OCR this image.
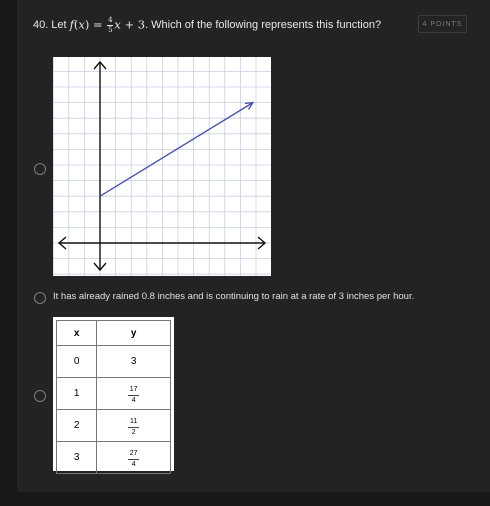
40. Let $f(x) = \frac{4}{5}$ x + 3 . Which of the following represents this function?	4 POINTS
It has already rained 0.8 inches and is continuing to rain at a rate of 3 inches per hour.
x	y
0	3
1	$\frac{17}{4}$

2	$\frac{11}{2}$

3	$\frac{27}{4}$
